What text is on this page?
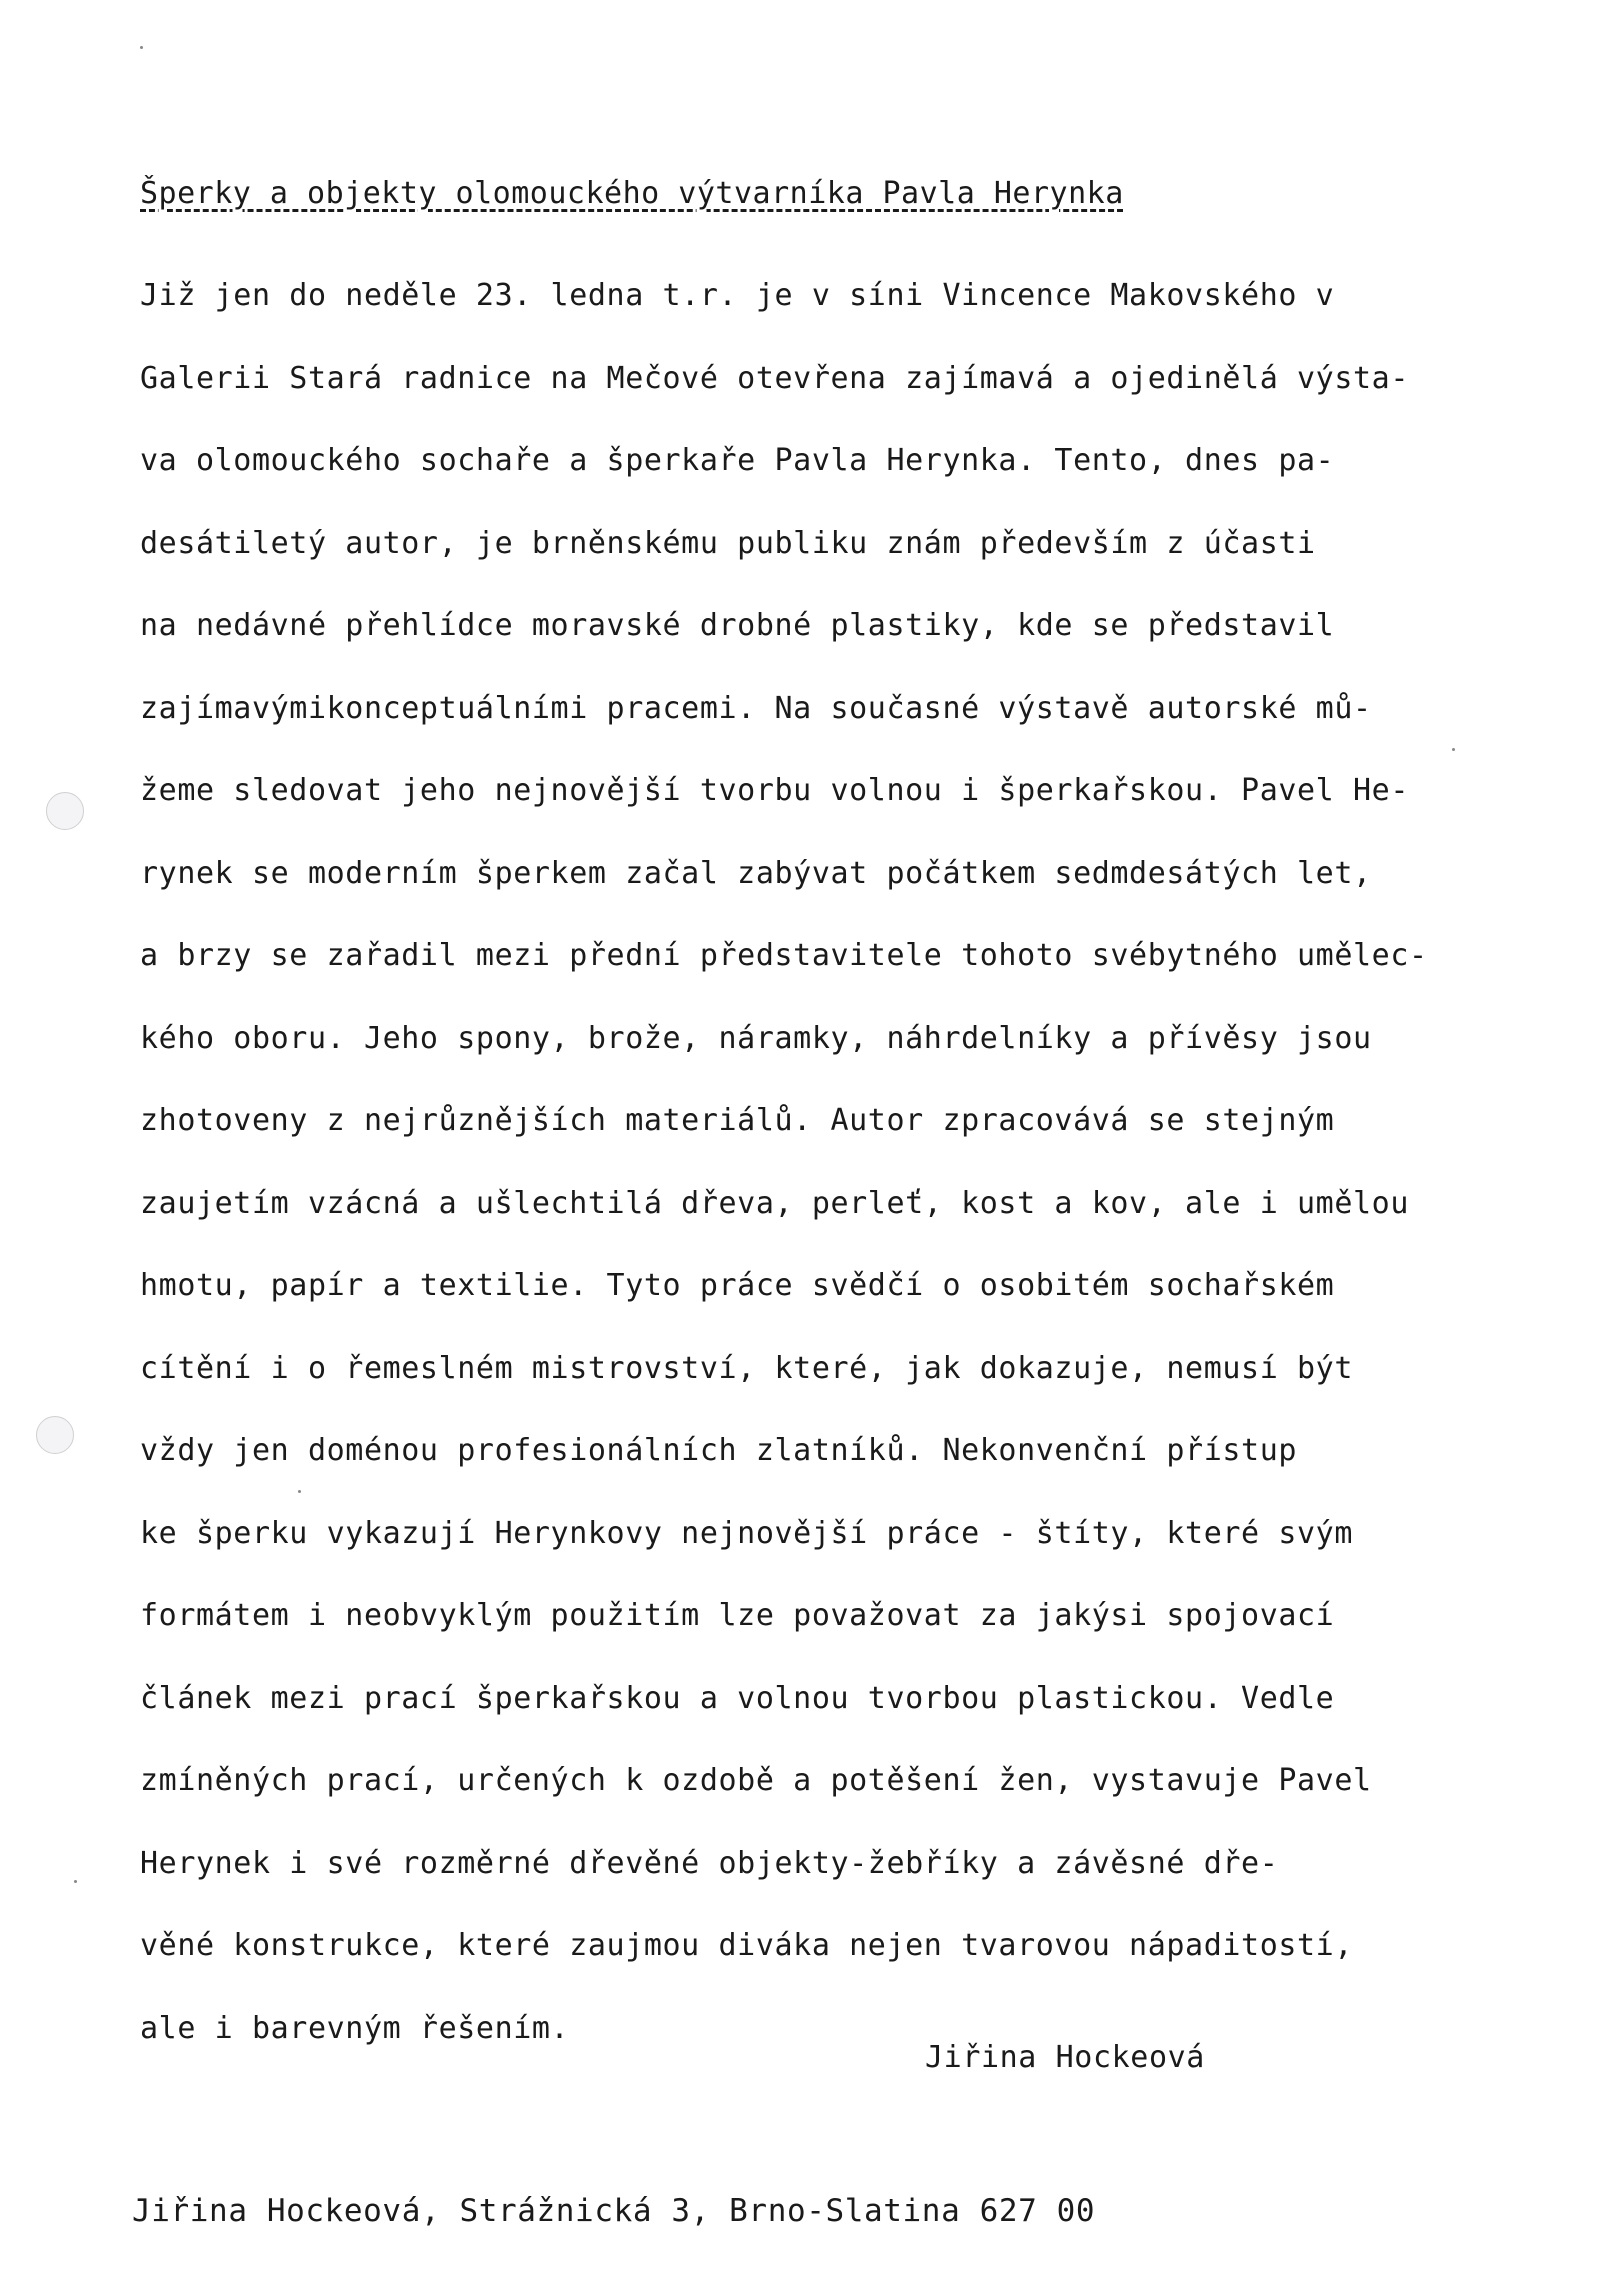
Šperky a objekty olomouckého výtvarníka Pavla Herynka
Již jen do neděle 23. ledna t.r. je v síni Vincence Makovského v
Galerii Stará radnice na Mečové otevřena zajímavá a ojedinělá výsta-
va olomouckého sochaře a šperkaře Pavla Herynka. Tento, dnes pa-
desátiletý autor, je brněnskému publiku znám především z účasti
na nedávné přehlídce moravské drobné plastiky, kde se představil
zajímavýmikonceptuálními pracemi. Na současné výstavě autorské mů-
žeme sledovat jeho nejnovější tvorbu volnou i šperkařskou. Pavel He-
rynek se moderním šperkem začal zabývat počátkem sedmdesátých let,
a brzy se zařadil mezi přední představitele tohoto svébytného umělec-
kého oboru. Jeho spony, brože, náramky, náhrdelníky a přívěsy jsou
zhotoveny z nejrůznějších materiálů. Autor zpracovává se stejným
zaujetím vzácná a ušlechtilá dřeva, perleť, kost a kov, ale i umělou
hmotu, papír a textilie. Tyto práce svědčí o osobitém sochařském
cítění i o řemeslném mistrovství, které, jak dokazuje, nemusí být
vždy jen doménou profesionálních zlatníků. Nekonvenční přístup
ke šperku vykazují Herynkovy nejnovější práce - štíty, které svým
formátem i neobvyklým použitím lze považovat za jakýsi spojovací
článek mezi prací šperkařskou a volnou tvorbou plastickou. Vedle
zmíněných prací, určených k ozdobě a potěšení žen, vystavuje Pavel
Herynek i své rozměrné dřevěné objekty-žebříky a závěsné dře-
věné konstrukce, které zaujmou diváka nejen tvarovou nápaditostí,
ale i barevným řešením.
Jiřina Hockeová
Jiřina Hockeová, Strážnická 3, Brno-Slatina 627 00
